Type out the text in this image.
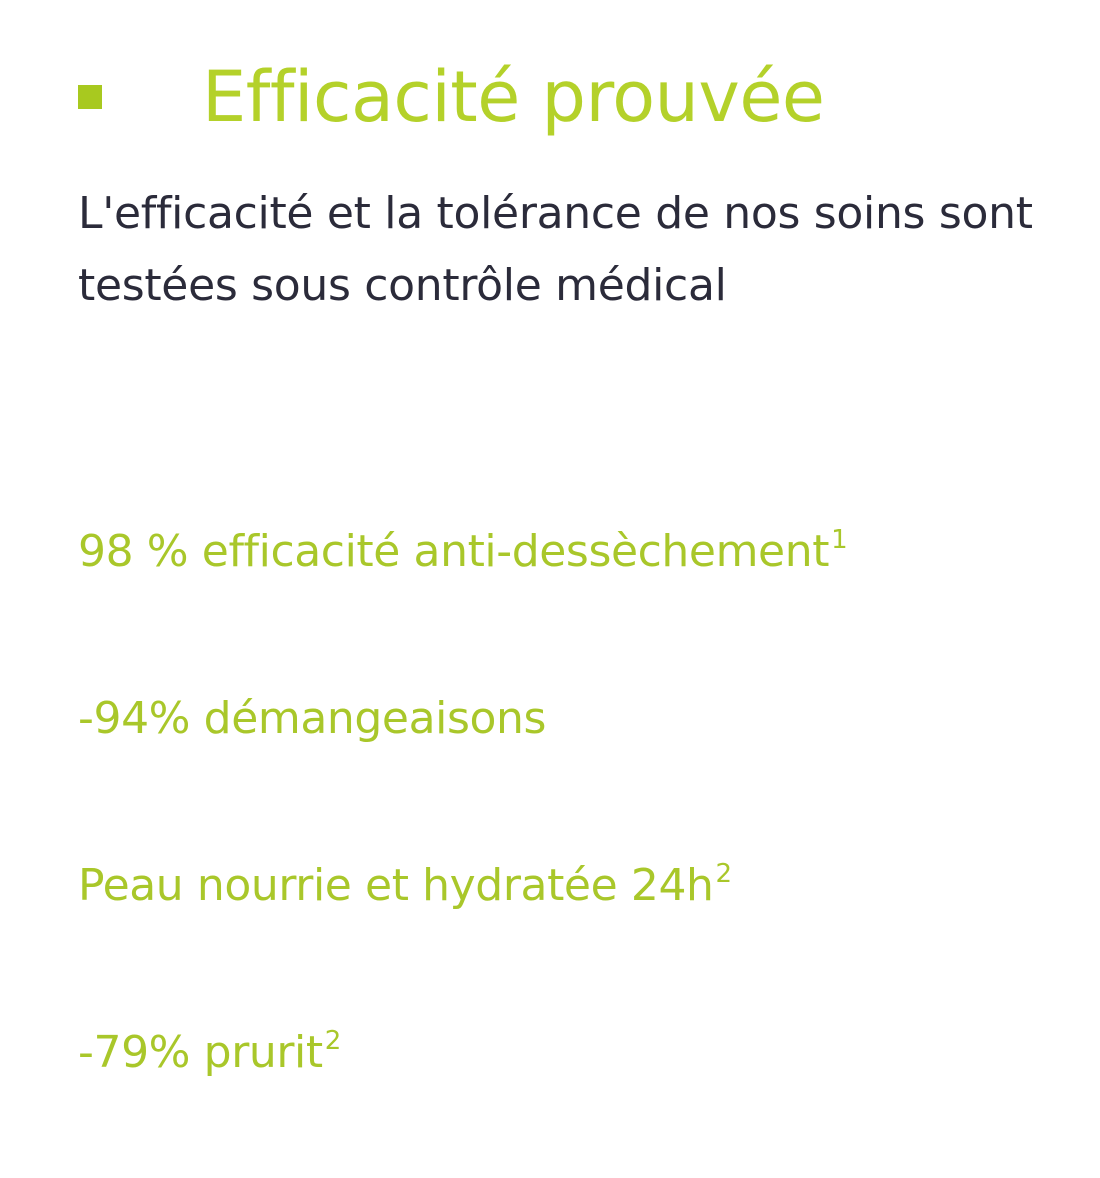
Efficacité prouvée

L'efficacité et la tolérance de nos soins sont testées sous contrôle médical

98 % efficacité anti-dessèchement$^1$
-94% démangeaisons
Peau nourrie et hydratée $24h^2$
-79% prurit$^2$
